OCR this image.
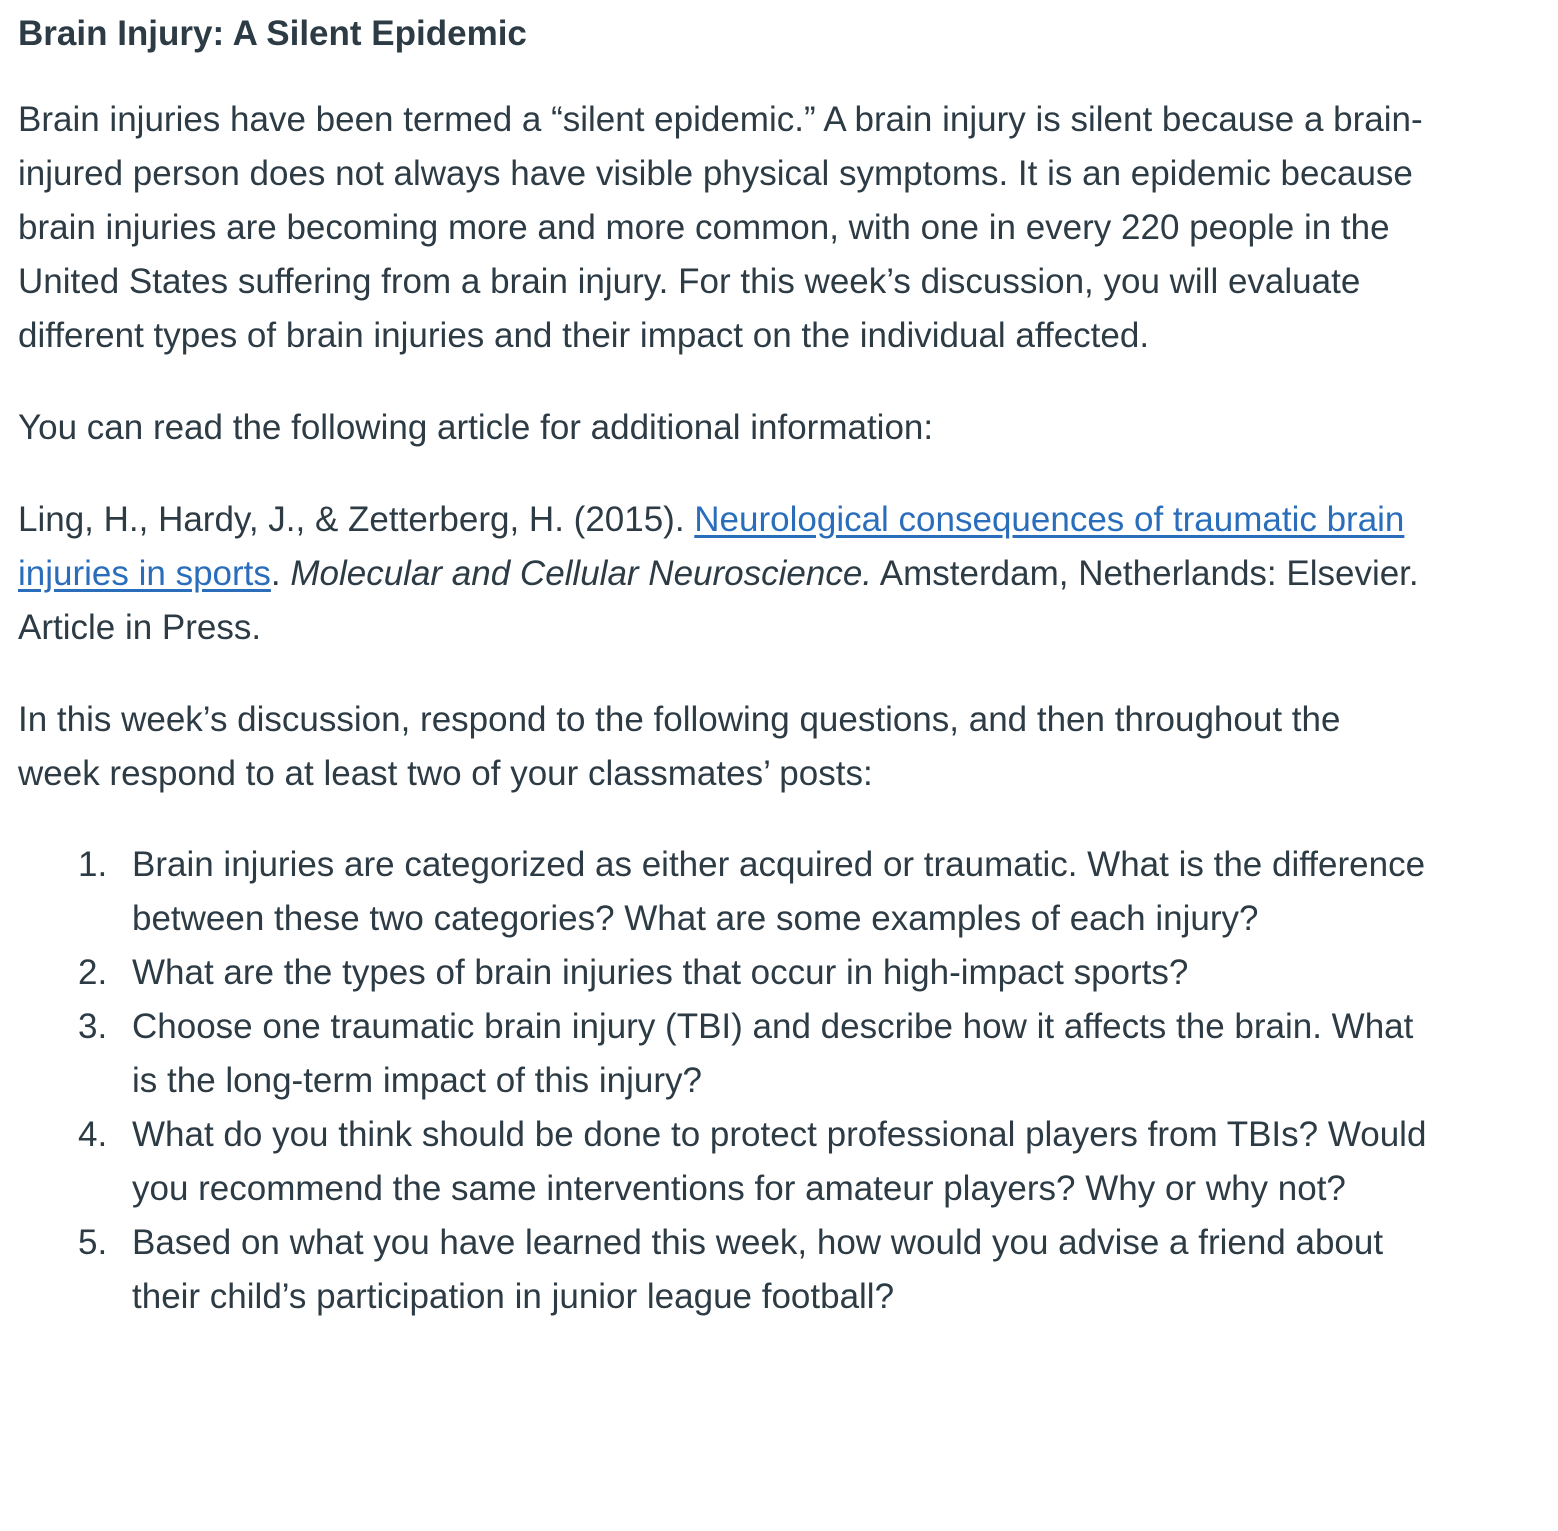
Brain Injury: A Silent Epidemic

Brain injuries have been termed a “silent epidemic.” A brain injury is silent because a brain-injured person does not always have visible physical symptoms. It is an epidemic because brain injuries are becoming more and more common, with one in every 220 people in the United States suffering from a brain injury. For this week’s discussion, you will evaluate different types of brain injuries and their impact on the individual affected.

You can read the following article for additional information:

Ling, H., Hardy, J., & Zetterberg, H. (2015). Neurological consequences of traumatic brain injuries in sports. Molecular and Cellular Neuroscience. Amsterdam, Netherlands: Elsevier. Article in Press.

In this week’s discussion, respond to the following questions, and then throughout the week respond to at least two of your classmates’ posts:

1. Brain injuries are categorized as either acquired or traumatic. What is the difference between these two categories? What are some examples of each injury?
2. What are the types of brain injuries that occur in high-impact sports?
3. Choose one traumatic brain injury (TBI) and describe how it affects the brain. What is the long-term impact of this injury?
4. What do you think should be done to protect professional players from TBIs? Would you recommend the same interventions for amateur players? Why or why not?
5. Based on what you have learned this week, how would you advise a friend about their child’s participation in junior league football?
